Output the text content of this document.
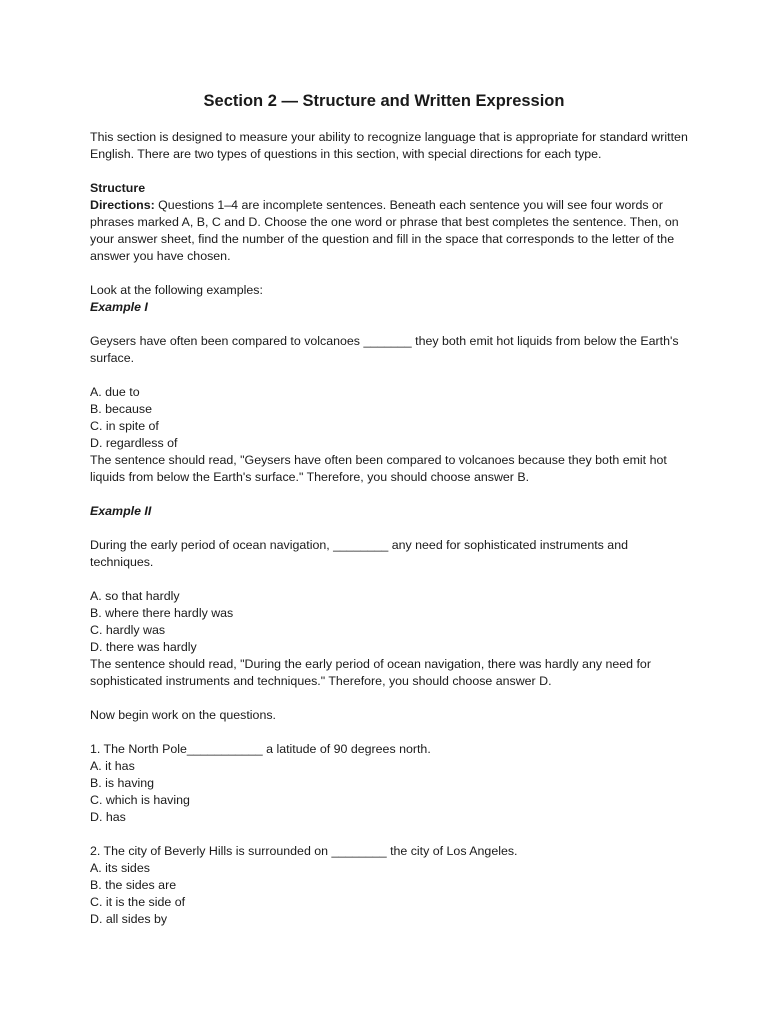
Section 2 — Structure and Written Expression

This section is designed to measure your ability to recognize language that is appropriate for standard written English. There are two types of questions in this section, with special directions for each type.

Structure

Directions: Questions 1–4 are incomplete sentences. Beneath each sentence you will see four words or phrases marked A, B, C and D. Choose the one word or phrase that best completes the sentence. Then, on your answer sheet, find the number of the question and fill in the space that corresponds to the letter of the answer you have chosen.

Look at the following examples:

Example I

Geysers have often been compared to volcanoes _______ they both emit hot liquids from below the Earth's surface.

A. due to

B. because

C. in spite of

D. regardless of

The sentence should read, "Geysers have often been compared to volcanoes because they both emit hot liquids from below the Earth's surface." Therefore, you should choose answer B.

Example II

During the early period of ocean navigation, ________ any need for sophisticated instruments and techniques.

A. so that hardly

B. where there hardly was

C. hardly was

D. there was hardly

The sentence should read, "During the early period of ocean navigation, there was hardly any need for sophisticated instruments and techniques." Therefore, you should choose answer D.

Now begin work on the questions.

1. The North Pole___________ a latitude of 90 degrees north.

A. it has

B. is having

C. which is having

D. has

2. The city of Beverly Hills is surrounded on ________ the city of Los Angeles.

A. its sides

B. the sides are

C. it is the side of

D. all sides by
